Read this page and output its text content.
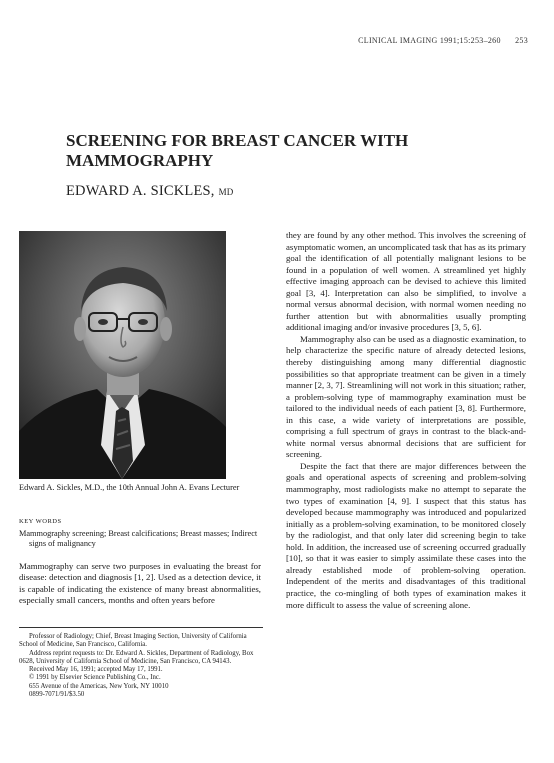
CLINICAL IMAGING 1991;15:253–260 253
SCREENING FOR BREAST CANCER WITH MAMMOGRAPHY
EDWARD A. SICKLES, MD

Edward A. Sickles, M.D., the 10th Annual John A. Evans Lecturer

KEY WORDS

Mammography screening; Breast calcifications; Breast masses; Indirect signs of malignancy

Mammography can serve two purposes in evaluating the breast for disease: detection and diagnosis [1, 2]. Used as a detection device, it is capable of indicating the existence of many breast abnormalities, especially small cancers, months and often years before

Professor of Radiology; Chief, Breast Imaging Section, University of California School of Medicine, San Francisco, California.

Address reprint requests to: Dr. Edward A. Sickles, Department of Radiology, Box 0628, University of California School of Medicine, San Francisco, CA 94143.

Received May 16, 1991; accepted May 17, 1991.

© 1991 by Elsevier Science Publishing Co., Inc.

655 Avenue of the Americas, New York, NY 10010

0899-7071/91/$3.50

they are found by any other method. This involves the screening of asymptomatic women, an uncomplicated task that has as its primary goal the identification of all potentially malignant lesions to be found in a population of well women. A streamlined yet highly effective imaging approach can be devised to achieve this limited goal [3, 4]. Interpretation can also be simplified, to involve a normal versus abnormal decision, with normal women needing no further attention but with abnormalities usually prompting additional imaging and/or invasive procedures [3, 5, 6].

Mammography also can be used as a diagnostic examination, to help characterize the specific nature of already detected lesions, thereby distinguishing among many differential diagnostic possibilities so that appropriate treatment can be given in a timely manner [2, 3, 7]. Streamlining will not work in this situation; rather, a problem-solving type of mammography examination must be tailored to the individual needs of each patient [3, 8]. Furthermore, in this case, a wide variety of interpretations are possible, comprising a full spectrum of grays in contrast to the black-and-white normal versus abnormal decisions that are sufficient for screening.

Despite the fact that there are major differences between the goals and operational aspects of screening and problem-solving mammography, most radiologists make no attempt to separate the two types of examination [4, 9]. I suspect that this status has developed because mammography was introduced and popularized initially as a problem-solving examination, to be monitored closely by the radiologist, and that only later did screening begin to take hold. In addition, the increased use of screening occurred gradually [10], so that it was easier to simply assimilate these cases into the already established mode of problem-solving operation. Independent of the merits and disadvantages of this traditional practice, the co-mingling of both types of examination makes it more difficult to assess the value of screening alone.
